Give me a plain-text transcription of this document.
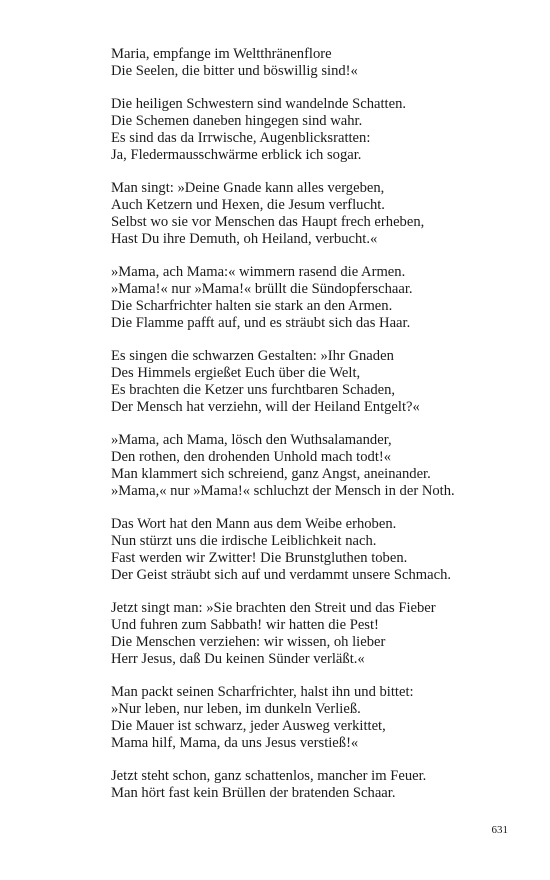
Maria, empfange im Weltthränenflore
Die Seelen, die bitter und böswillig sind!«
Die heiligen Schwestern sind wandelnde Schatten.
Die Schemen daneben hingegen sind wahr.
Es sind das da Irrwische, Augenblicksratten:
Ja, Fledermausschwärme erblick ich sogar.
Man singt: »Deine Gnade kann alles vergeben,
Auch Ketzern und Hexen, die Jesum verflucht.
Selbst wo sie vor Menschen das Haupt frech erheben,
Hast Du ihre Demuth, oh Heiland, verbucht.«
»Mama, ach Mama:« wimmern rasend die Armen.
»Mama!« nur »Mama!« brüllt die Sündopferschaar.
Die Scharfrichter halten sie stark an den Armen.
Die Flamme pafft auf, und es sträubt sich das Haar.
Es singen die schwarzen Gestalten: »Ihr Gnaden
Des Himmels ergießet Euch über die Welt,
Es brachten die Ketzer uns furchtbaren Schaden,
Der Mensch hat verziehn, will der Heiland Entgelt?«
»Mama, ach Mama, lösch den Wuthsalamander,
Den rothen, den drohenden Unhold mach todt!«
Man klammert sich schreiend, ganz Angst, aneinander.
»Mama,« nur »Mama!« schluchzt der Mensch in der Noth.
Das Wort hat den Mann aus dem Weibe erhoben.
Nun stürzt uns die irdische Leiblichkeit nach.
Fast werden wir Zwitter! Die Brunstgluthen toben.
Der Geist sträubt sich auf und verdammt unsere Schmach.
Jetzt singt man: »Sie brachten den Streit und das Fieber
Und fuhren zum Sabbath! wir hatten die Pest!
Die Menschen verziehen: wir wissen, oh lieber
Herr Jesus, daß Du keinen Sünder verläßt.«
Man packt seinen Scharfrichter, halst ihn und bittet:
»Nur leben, nur leben, im dunkeln Verließ.
Die Mauer ist schwarz, jeder Ausweg verkittet,
Mama hilf, Mama, da uns Jesus verstieß!«
Jetzt steht schon, ganz schattenlos, mancher im Feuer.
Man hört fast kein Brüllen der bratenden Schaar.
631
